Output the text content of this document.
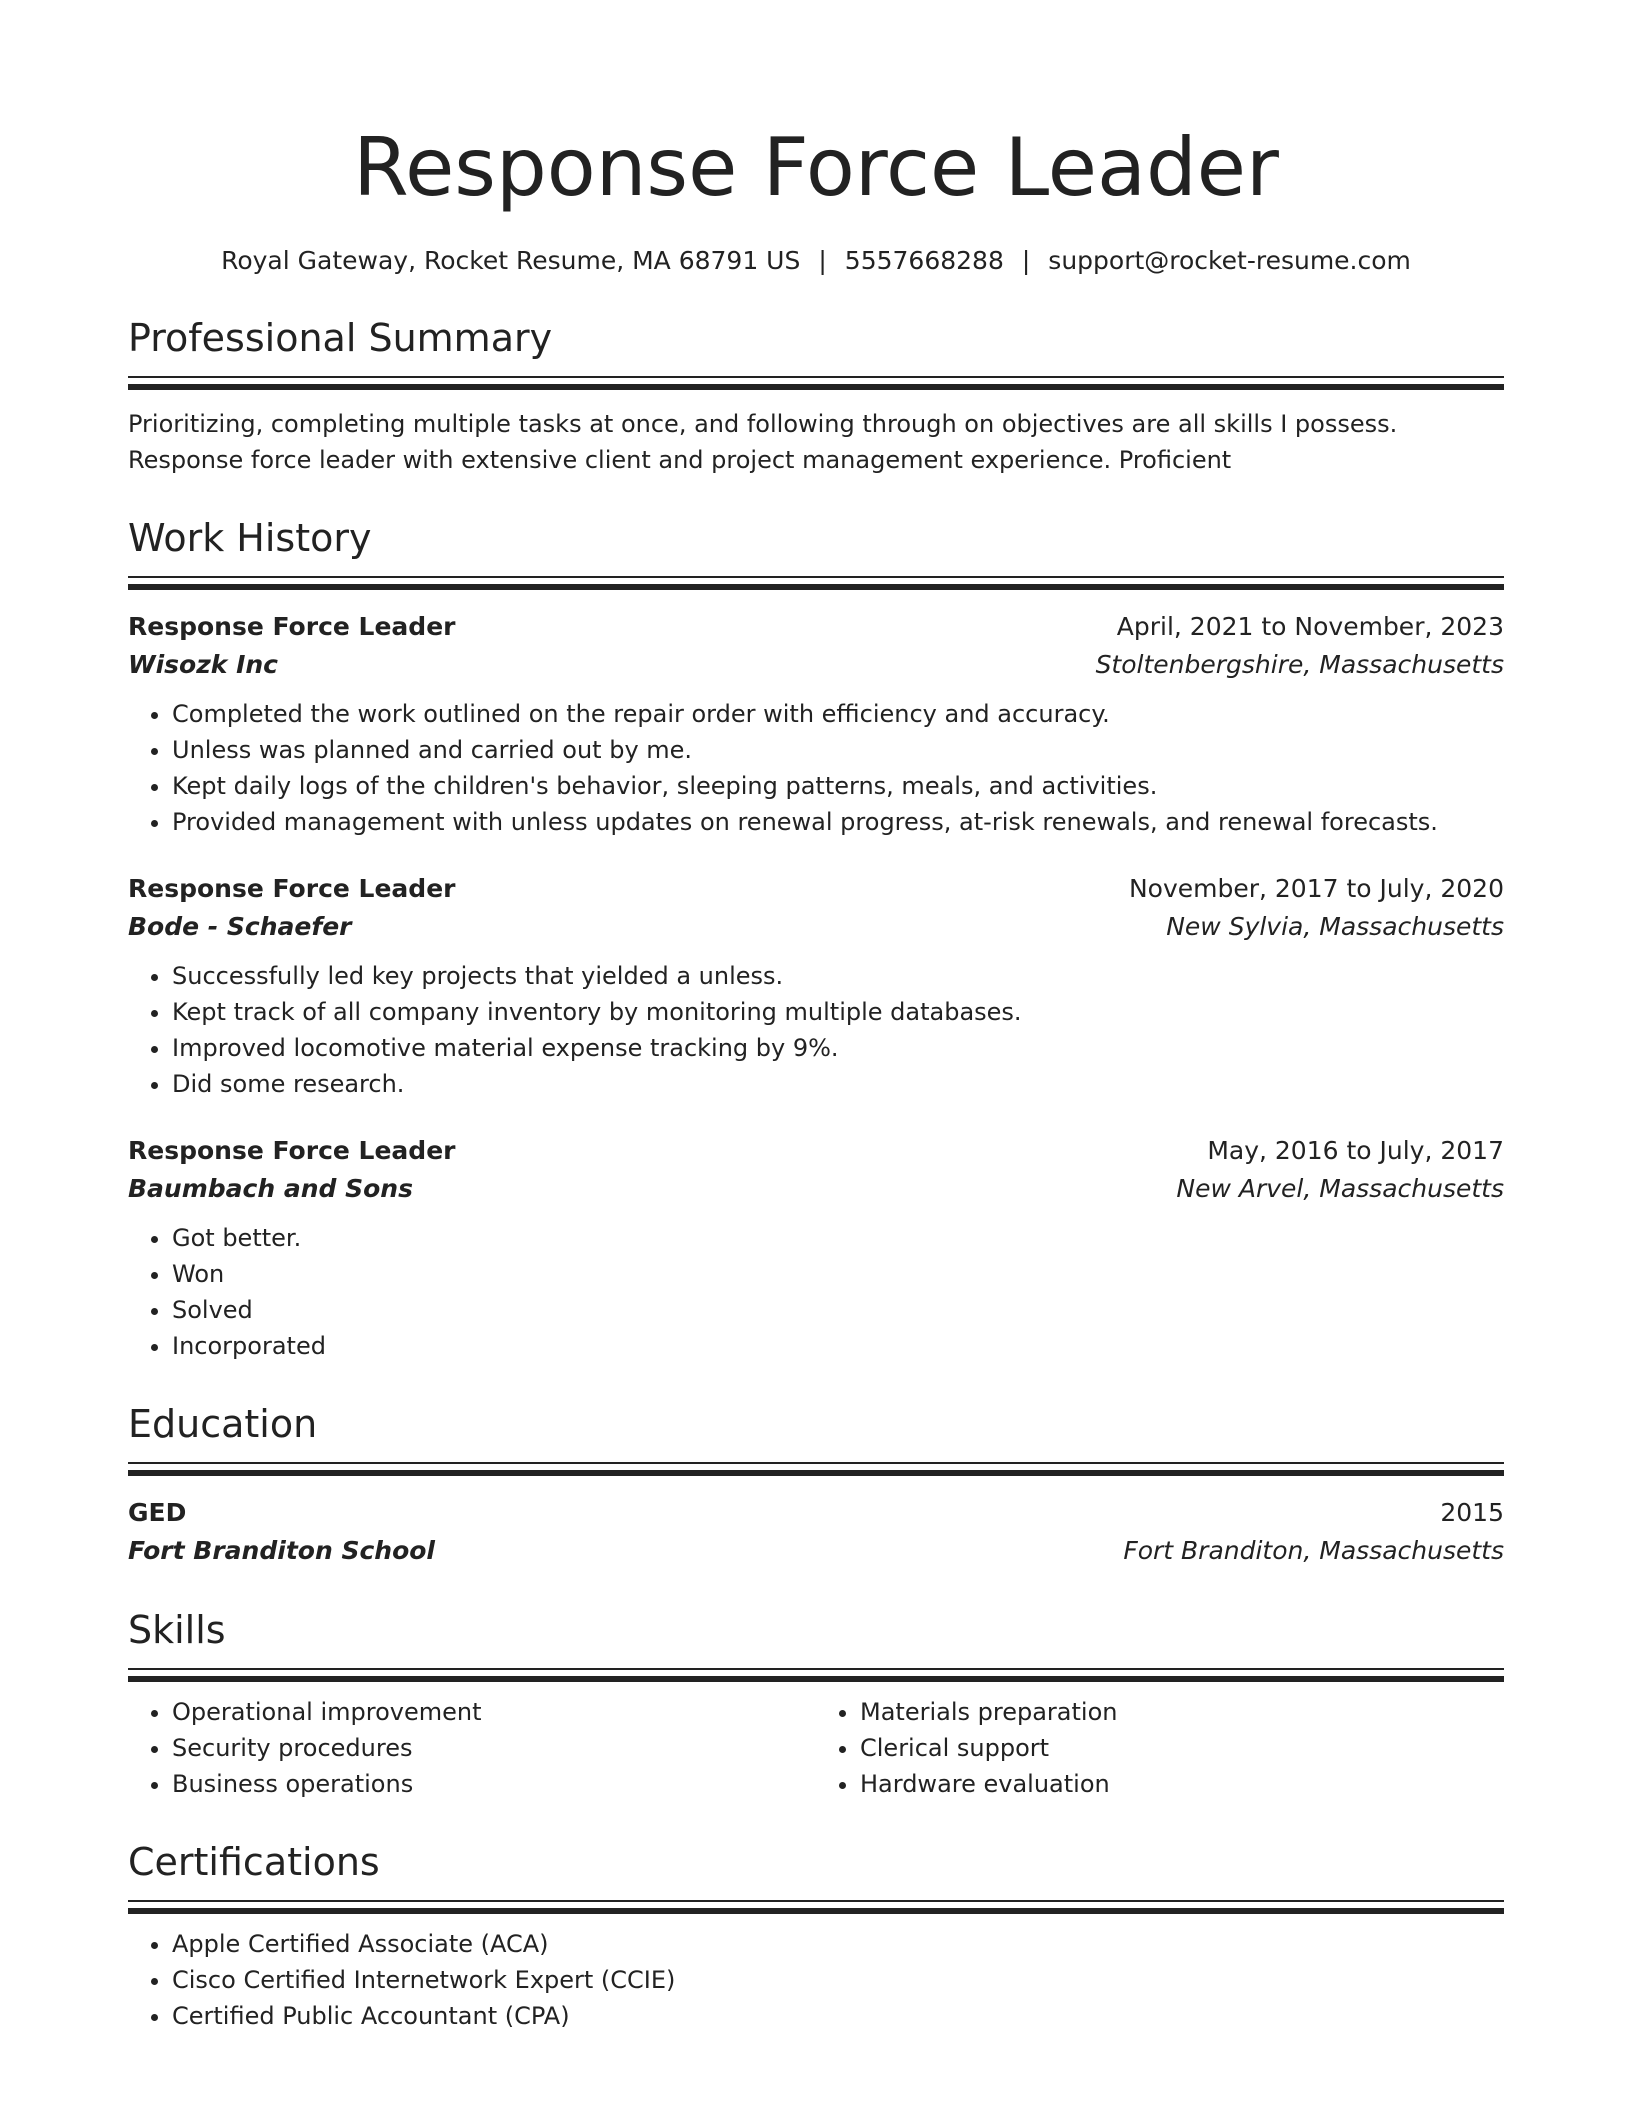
Response Force Leader
Royal Gateway, Rocket Resume, MA 68791 US | 5557668288 | support@rocket-resume.com
Professional Summary
Prioritizing, completing multiple tasks at once, and following through on objectives are all skills I possess. Response force leader with extensive client and project management experience. Proficient
Work History
Response Force Leader	April, 2021 to November, 2023
Wisozk Inc	Stoltenbergshire, Massachusetts
• Completed the work outlined on the repair order with efficiency and accuracy.
• Unless was planned and carried out by me.
• Kept daily logs of the children's behavior, sleeping patterns, meals, and activities.
• Provided management with unless updates on renewal progress, at-risk renewals, and renewal forecasts.
Response Force Leader	November, 2017 to July, 2020
Bode - Schaefer	New Sylvia, Massachusetts
• Successfully led key projects that yielded a unless.
• Kept track of all company inventory by monitoring multiple databases.
• Improved locomotive material expense tracking by 9%.
• Did some research.
Response Force Leader	May, 2016 to July, 2017
Baumbach and Sons	New Arvel, Massachusetts
• Got better.
• Won
• Solved
• Incorporated
Education
GED	2015
Fort Branditon School	Fort Branditon, Massachusetts
Skills
• Operational improvement
• Security procedures
• Business operations
• Materials preparation
• Clerical support
• Hardware evaluation
Certifications
• Apple Certified Associate (ACA)
• Cisco Certified Internetwork Expert (CCIE)
• Certified Public Accountant (CPA)
